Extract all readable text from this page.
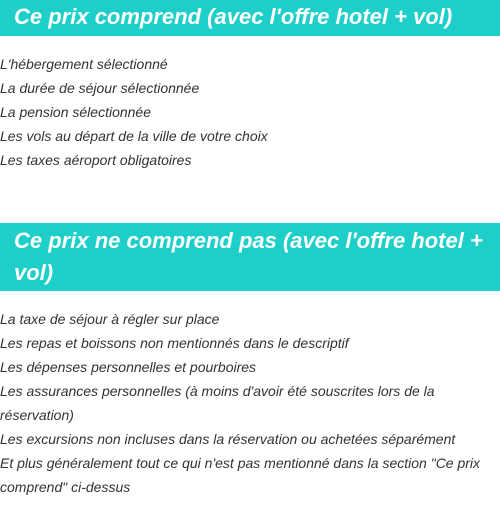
Ce prix comprend (avec l'offre hotel + vol)
L'hébergement sélectionné
La durée de séjour sélectionnée
La pension sélectionnée
Les vols au départ de la ville de votre choix
Les taxes aéroport obligatoires
Ce prix ne comprend pas (avec l'offre hotel + vol)
La taxe de séjour à régler sur place
Les repas et boissons non mentionnés dans le descriptif
Les dépenses personnelles et pourboires
Les assurances personnelles (à moins d'avoir été souscrites lors de la réservation)
Les excursions non incluses dans la réservation ou achetées séparément
Et plus généralement tout ce qui n'est pas mentionné dans la section "Ce prix comprend" ci-dessus
